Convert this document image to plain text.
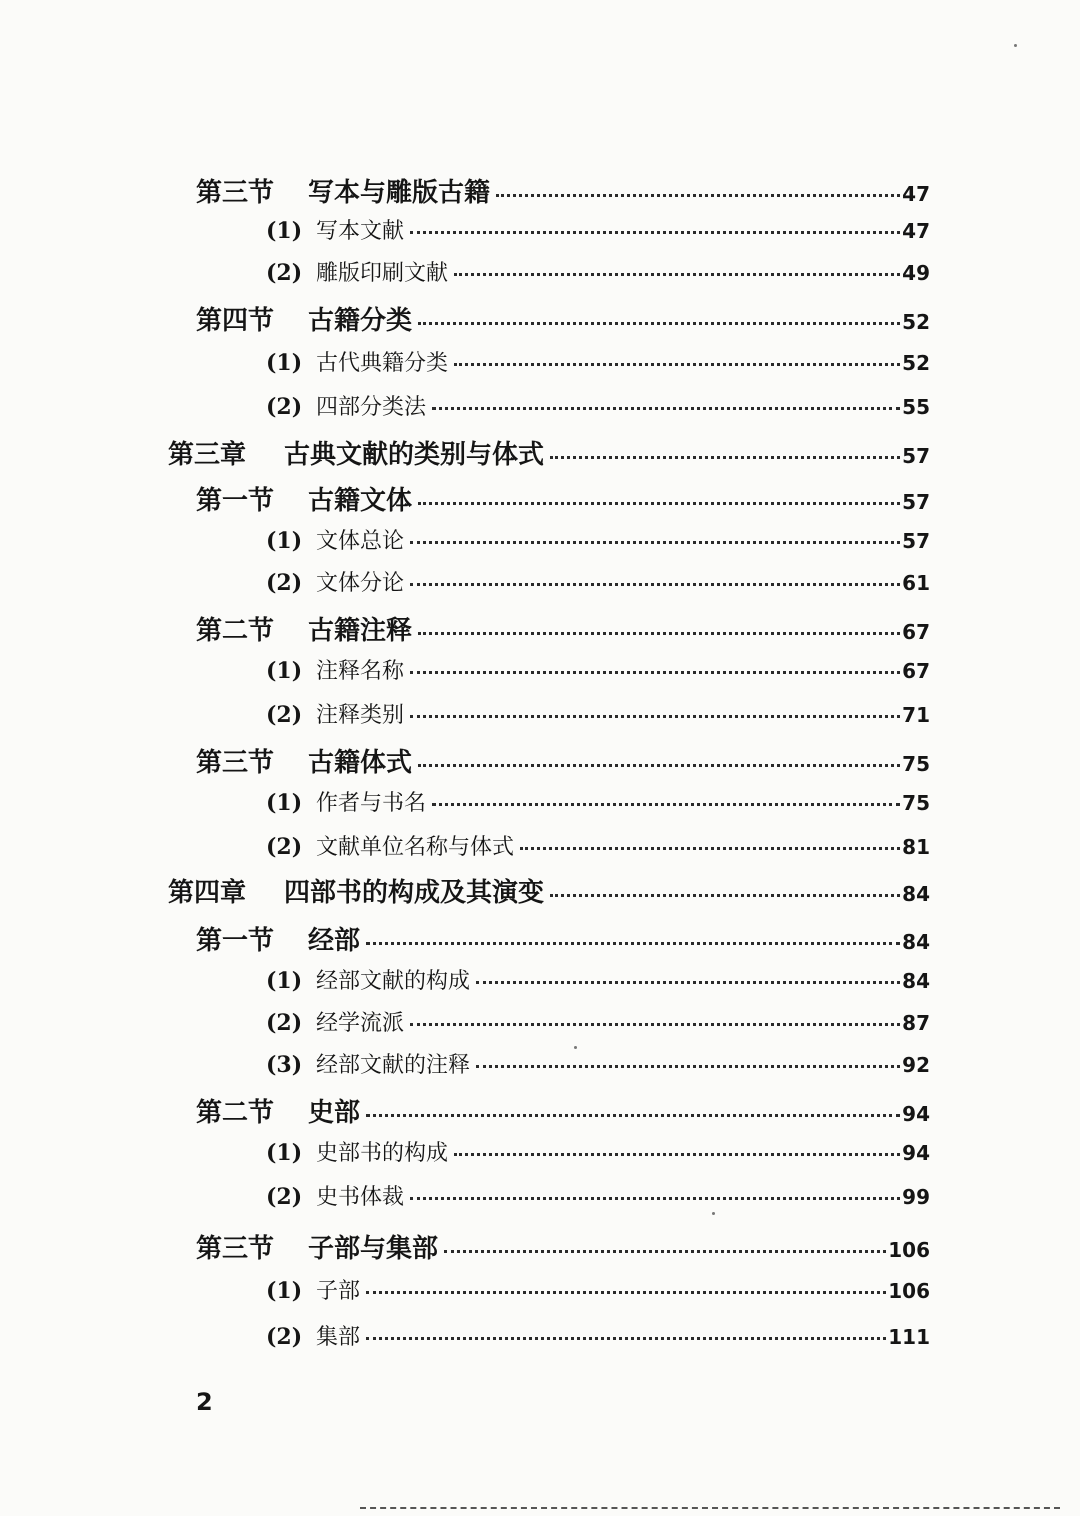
第三节	写本与雕版古籍	47
(1) 写本文献	47
(2) 雕版印刷文献	49
第四节	古籍分类	52
(1) 古代典籍分类	52
(2) 四部分类法	55
第三章	古典文献的类别与体式	57
第一节	古籍文体	57
(1) 文体总论	57
(2) 文体分论	61
第二节	古籍注释	67
(1) 注释名称	67
(2) 注释类别	71
第三节	古籍体式	75
(1) 作者与书名	75
(2) 文献单位名称与体式	81
第四章	四部书的构成及其演变	84
第一节	经部	84
(1) 经部文献的构成	84
(2) 经学流派	87
(3) 经部文献的注释	92
第二节	史部	94
(1) 史部书的构成	94
(2) 史书体裁	99
第三节	子部与集部	106
(1) 子部	106
(2) 集部	111
2
